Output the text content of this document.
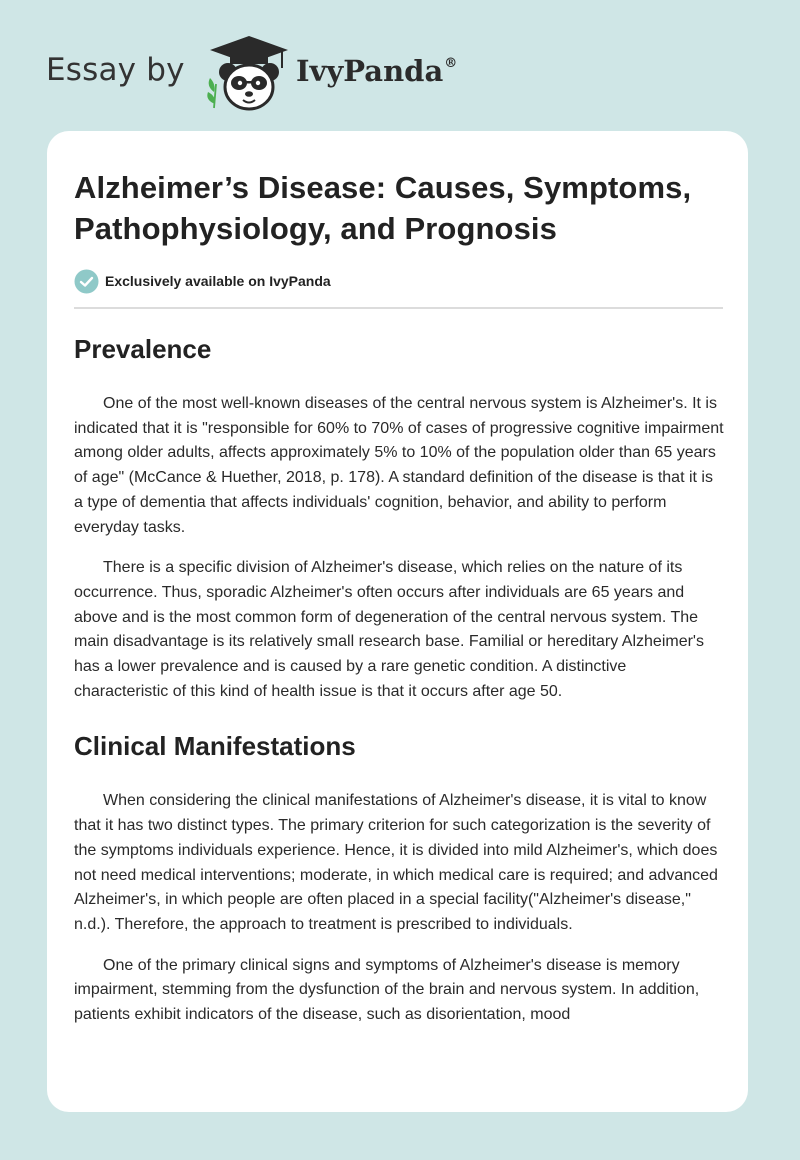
Essay by	IvyPanda®
Alzheimer’s Disease: Causes, Symptoms, Pathophysiology, and Prognosis
Exclusively available on IvyPanda
Prevalence

One of the most well-known diseases of the central nervous system is Alzheimer's. It is indicated that it is "responsible for 60% to 70% of cases of progressive cognitive impairment among older adults, affects approximately 5% to 10% of the population older than 65 years of age" (McCance & Huether, 2018, p. 178). A standard definition of the disease is that it is a type of dementia that affects individuals' cognition, behavior, and ability to perform everyday tasks.

There is a specific division of Alzheimer's disease, which relies on the nature of its occurrence. Thus, sporadic Alzheimer's often occurs after individuals are 65 years and above and is the most common form of degeneration of the central nervous system. The main disadvantage is its relatively small research base. Familial or hereditary Alzheimer's has a lower prevalence and is caused by a rare genetic condition. A distinctive characteristic of this kind of health issue is that it occurs after age 50.

Clinical Manifestations

When considering the clinical manifestations of Alzheimer's disease, it is vital to know that it has two distinct types. The primary criterion for such categorization is the severity of the symptoms individuals experience. Hence, it is divided into mild Alzheimer's, which does not need medical interventions; moderate, in which medical care is required; and advanced Alzheimer's, in which people are often placed in a special facility("Alzheimer's disease," n.d.). Therefore, the approach to treatment is prescribed to individuals.

One of the primary clinical signs and symptoms of Alzheimer's disease is memory impairment, stemming from the dysfunction of the brain and nervous system. In addition, patients exhibit indicators of the disease, such as disorientation, mood
